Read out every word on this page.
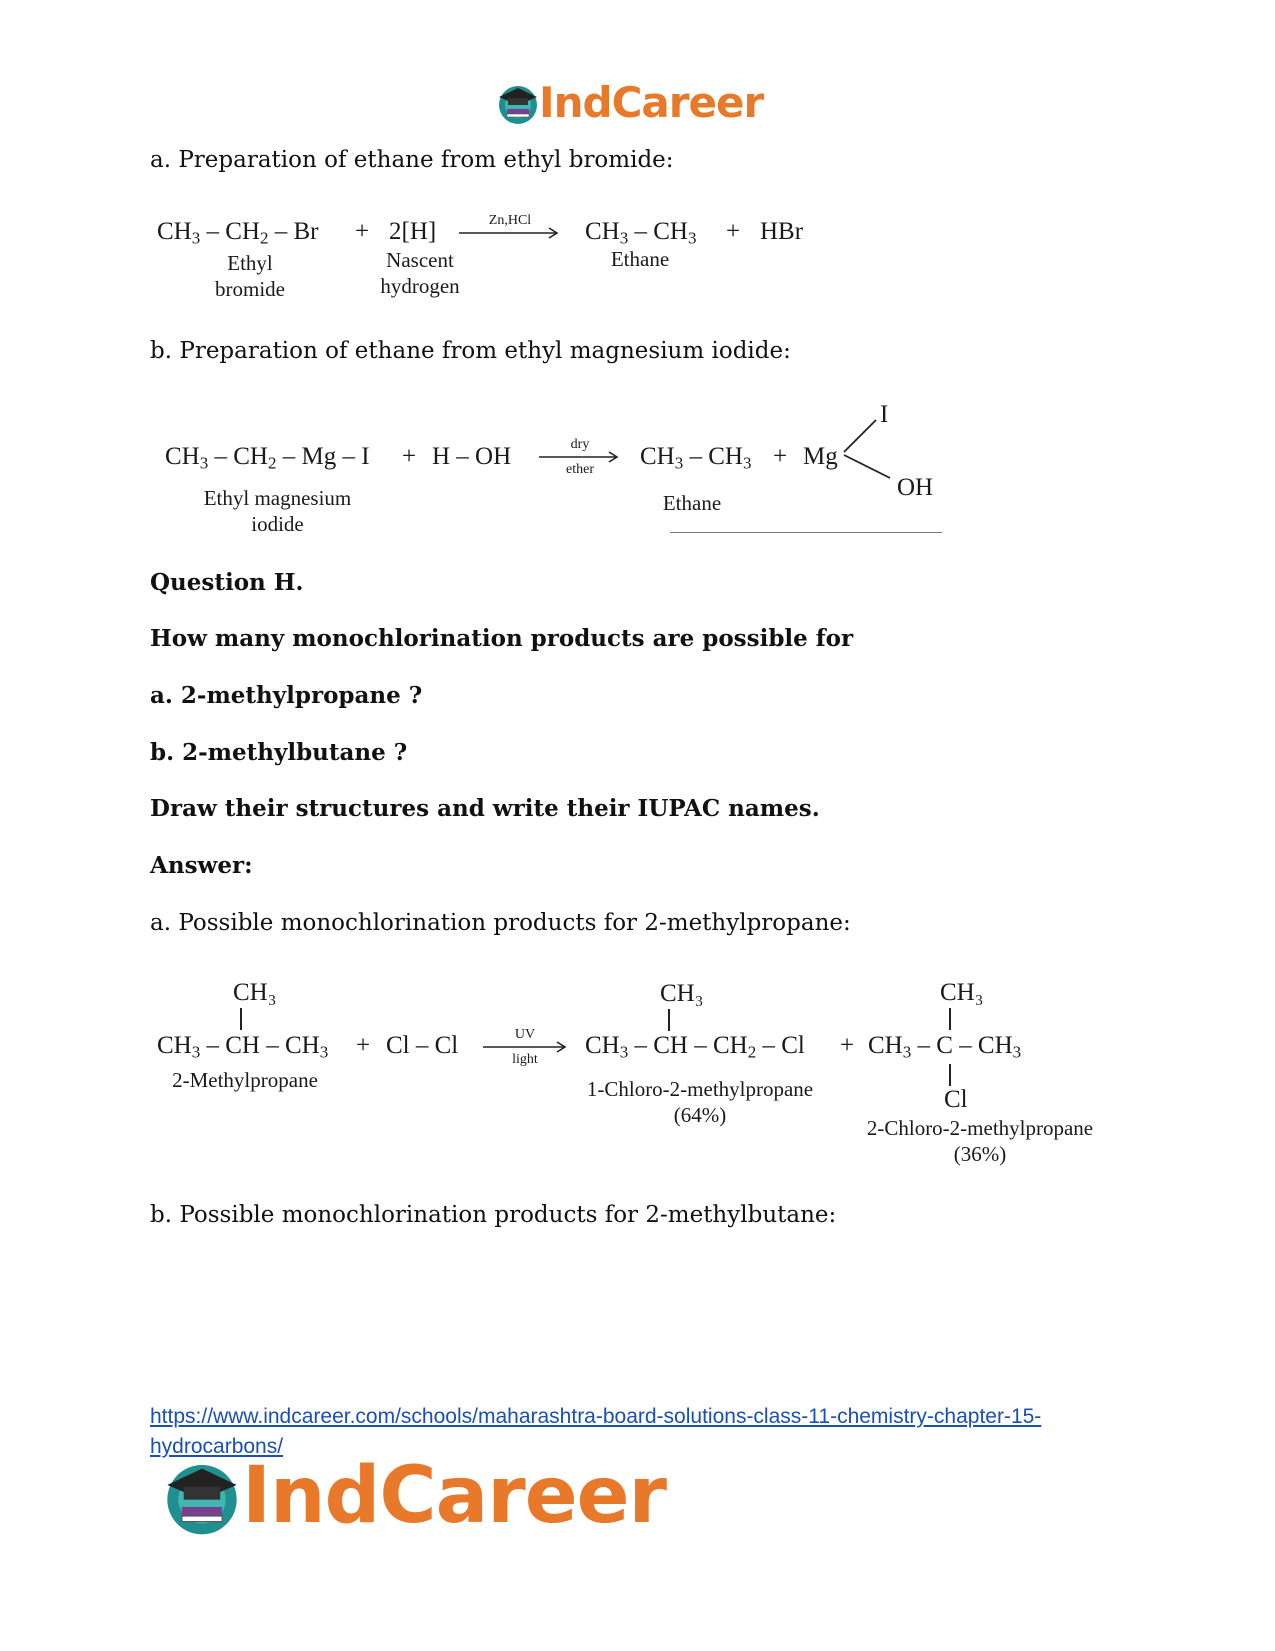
IndCareer
a. Preparation of ethane from ethyl bromide:
$CH_3 - CH_2 - Br + 2[H]$	Zn,HCl	$CH_3 - CH_3$ + HBr
Ethyl
bromide
Nascent
hydrogen
Ethane
b. Preparation of ethane from ethyl magnesium iodide:
$CH_3 - CH_2 - Mg - I + H$ – OH	dry
ether	$CH_3 - CH_3 + Mg$
I
OH
Ethyl magnesium
iodide
Ethane
Question H.
How many monochlorination products are possible for
a. 2-methylpropane ?
b. 2-methylbutane ?
Draw their structures and write their IUPAC names.
Answer:
a. Possible monochlorination products for 2-methylpropane:
CH₃
$CH_3$ – CH – $CH_3$
2-Methylpropane
+ Cl – Cl	UV
light
CH₃
$CH_3$ – CH – $CH_2$ – Cl
1-Chloro-2-methylpropane
(64%)
+
CH₃
$CH_3$ – C – $CH_3$
Cl
2-Chloro-2-methylpropane
(36%)
b. Possible monochlorination products for 2-methylbutane:
https://www.indcareer.com/schools/maharashtra-board-solutions-class-11-chemistry-chapter-15-hydrocarbons/
IndCareer
